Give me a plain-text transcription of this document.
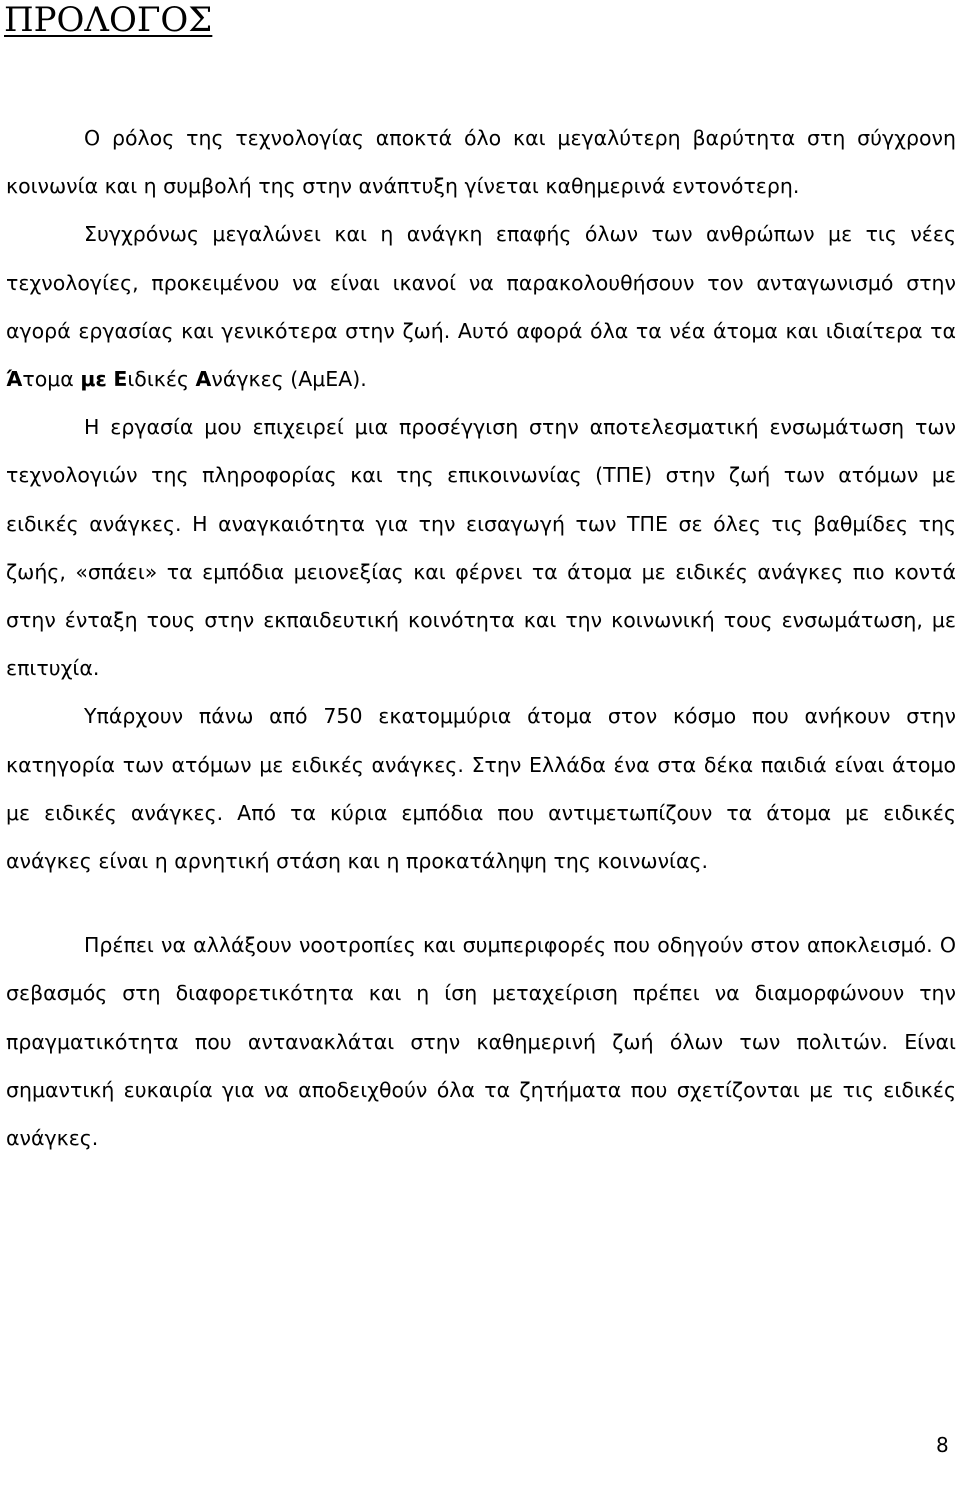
ΠΡΟΛΟΓΟΣ

Ο ρόλος της τεχνολογίας αποκτά όλο και μεγαλύτερη βαρύτητα στη σύγχρονη κοινωνία και η συμβολή της στην ανάπτυξη γίνεται καθημερινά εντονότερη.

Συγχρόνως μεγαλώνει και η ανάγκη επαφής όλων των ανθρώπων με τις νέες τεχνολογίες, προκειμένου να είναι ικανοί να παρακολουθήσουν τον ανταγωνισμό στην αγορά εργασίας και γενικότερα στην ζωή. Αυτό αφορά όλα τα νέα άτομα και ιδιαίτερα τα Άτομα με Ειδικές Ανάγκες (ΑμΕΑ).

Η εργασία μου επιχειρεί μια προσέγγιση στην αποτελεσματική ενσωμάτωση των τεχνολογιών της πληροφορίας και της επικοινωνίας (ΤΠΕ) στην ζωή των ατόμων με ειδικές ανάγκες. Η αναγκαιότητα για την εισαγωγή των ΤΠΕ σε όλες τις βαθμίδες της ζωής, «σπάει» τα εμπόδια μειονεξίας και φέρνει τα άτομα με ειδικές ανάγκες πιο κοντά στην ένταξη τους στην εκπαιδευτική κοινότητα και την κοινωνική τους ενσωμάτωση, με επιτυχία.

Υπάρχουν πάνω από 750 εκατομμύρια άτομα στον κόσμο που ανήκουν στην κατηγορία των ατόμων με ειδικές ανάγκες. Στην Ελλάδα ένα στα δέκα παιδιά είναι άτομο με ειδικές ανάγκες. Από τα κύρια εμπόδια που αντιμετωπίζουν τα άτομα με ειδικές ανάγκες είναι η αρνητική στάση και η προκατάληψη της κοινωνίας.

Πρέπει να αλλάξουν νοοτροπίες και συμπεριφορές που οδηγούν στον αποκλεισμό. Ο σεβασμός στη διαφορετικότητα και η ίση μεταχείριση πρέπει να διαμορφώνουν την πραγματικότητα που αντανακλάται στην καθημερινή ζωή όλων των πολιτών. Είναι σημαντική ευκαιρία για να αποδειχθούν όλα τα ζητήματα που σχετίζονται με τις ειδικές ανάγκες.

8
